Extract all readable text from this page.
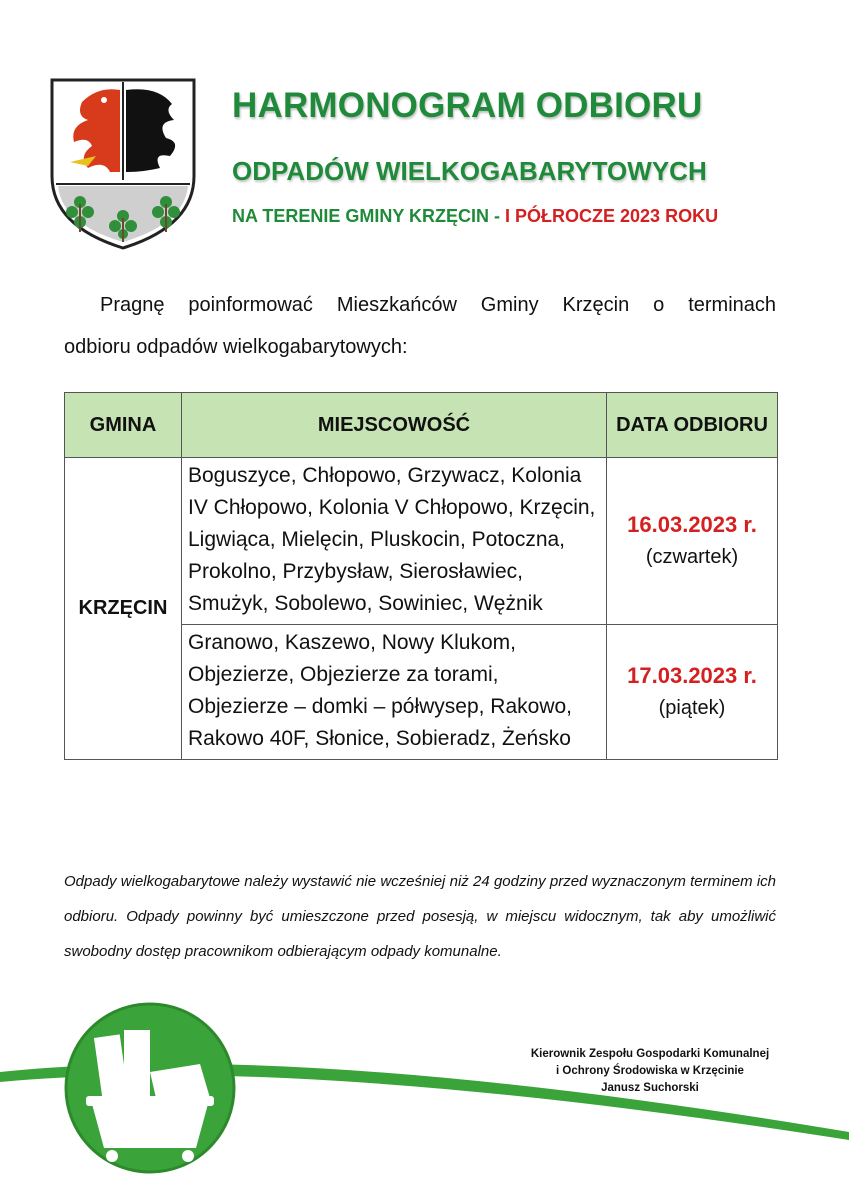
HARMONOGRAM ODBIORU
ODPADÓW WIELKOGABARYTOWYCH
NA TERENIE GMINY KRZĘCIN - I PÓŁROCZE 2023 ROKU
Pragnę poinformować Mieszkańców Gminy Krzęcin o terminach
odbioru odpadów wielkogabarytowych:
GMINA	MIEJSCOWOŚĆ	DATA ODBIORU
KRZĘCIN	Boguszyce, Chłopowo, Grzywacz, Kolonia IV Chłopowo, Kolonia V Chłopowo, Krzęcin, Ligwiąca, Mielęcin, Pluskocin, Potoczna, Prokolno, Przybysław, Sierosławiec, Smużyk, Sobolewo, Sowiniec, Wężnik	16.03.2023 r.
(czwartek)

	Granowo, Kaszewo, Nowy Klukom, Objezierze, Objezierze za torami, Objezierze – domki – półwysep, Rakowo, Rakowo 40F, Słonice, Sobieradz, Żeńsko	17.03.2023 r.
(piątek)
Odpady wielkogabarytowe należy wystawić nie wcześniej niż 24 godziny przed wyznaczonym terminem ich odbioru. Odpady powinny być umieszczone przed posesją, w miejscu widocznym, tak aby umożliwić swobodny dostęp pracownikom odbierającym odpady komunalne.
Kierownik Zespołu Gospodarki Komunalnej
i Ochrony Środowiska w Krzęcinie
Janusz Suchorski
